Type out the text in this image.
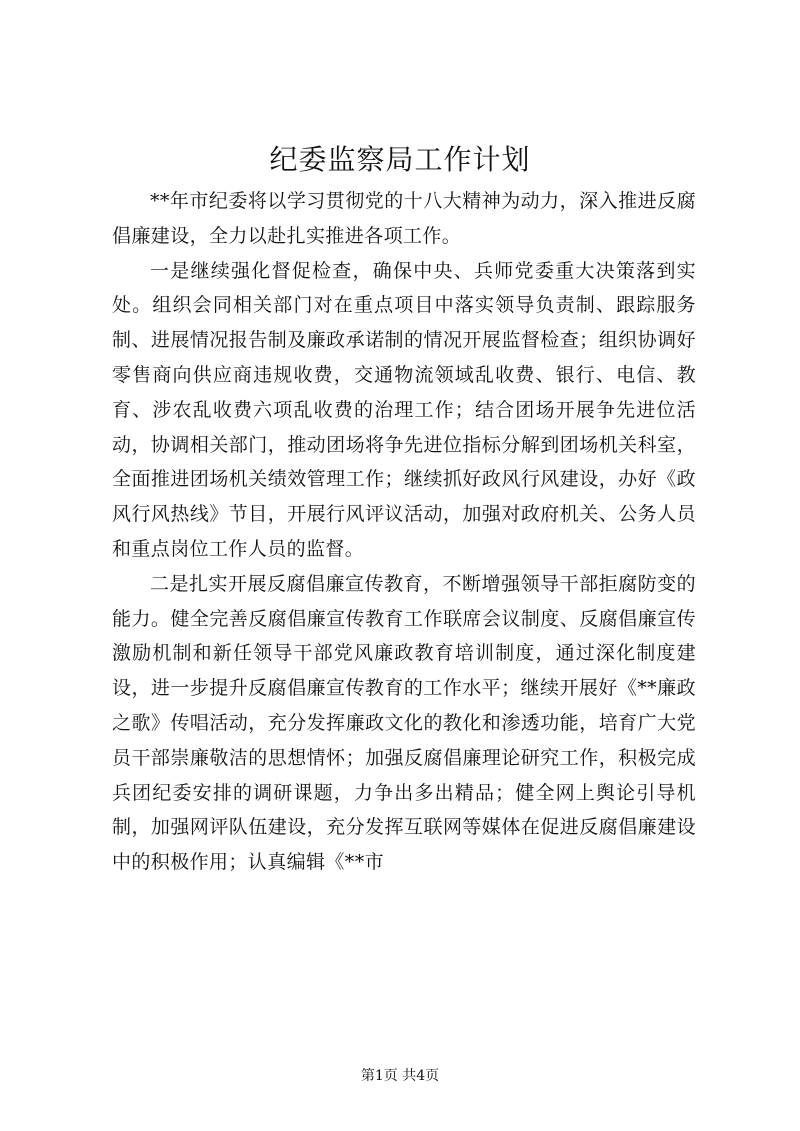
纪委监察局工作计划

**年市纪委将以学习贯彻党的十八大精神为动力，深入推进反腐倡廉建设，全力以赴扎实推进各项工作。

一是继续强化督促检查，确保中央、兵师党委重大决策落到实处。组织会同相关部门对在重点项目中落实领导负责制、跟踪服务制、进展情况报告制及廉政承诺制的情况开展监督检查；组织协调好零售商向供应商违规收费，交通物流领域乱收费、银行、电信、教育、涉农乱收费六项乱收费的治理工作；结合团场开展争先进位活动，协调相关部门，推动团场将争先进位指标分解到团场机关科室，全面推进团场机关绩效管理工作；继续抓好政风行风建设，办好《政风行风热线》节目，开展行风评议活动，加强对政府机关、公务人员和重点岗位工作人员的监督。

二是扎实开展反腐倡廉宣传教育，不断增强领导干部拒腐防变的能力。健全完善反腐倡廉宣传教育工作联席会议制度、反腐倡廉宣传激励机制和新任领导干部党风廉政教育培训制度，通过深化制度建设，进一步提升反腐倡廉宣传教育的工作水平；继续开展好《**廉政之歌》传唱活动，充分发挥廉政文化的教化和渗透功能，培育广大党员干部崇廉敬洁的思想情怀；加强反腐倡廉理论研究工作，积极完成兵团纪委安排的调研课题，力争出多出精品；健全网上舆论引导机制，加强网评队伍建设，充分发挥互联网等媒体在促进反腐倡廉建设中的积极作用；认真编辑《**市

第1页 共4页
